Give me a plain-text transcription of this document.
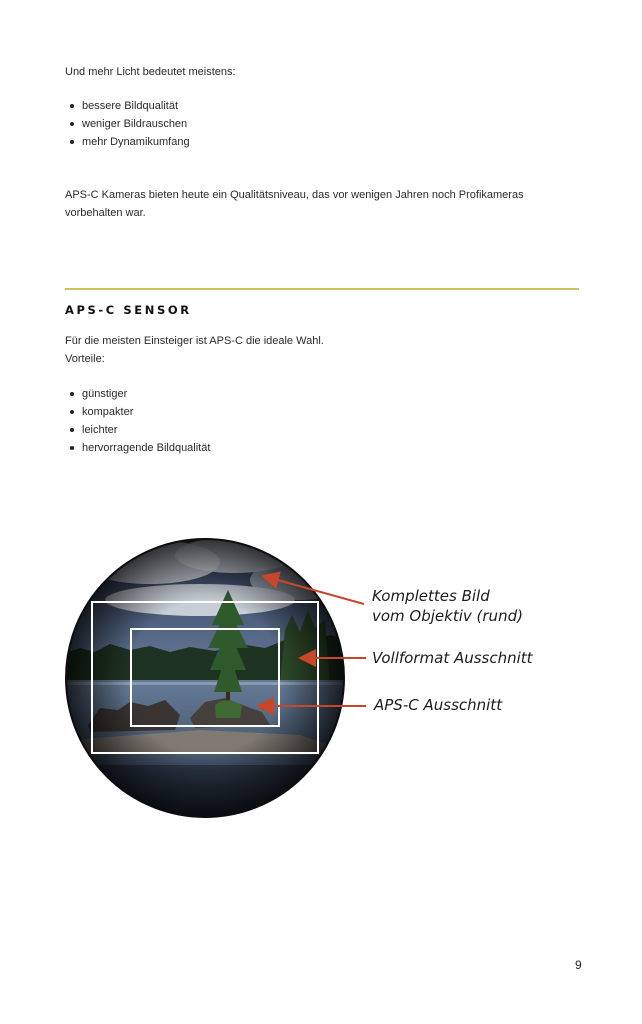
Und mehr Licht bedeutet meistens:
bessere Bildqualität
weniger Bildrauschen
mehr Dynamikumfang
APS-C Kameras bieten heute ein Qualitätsniveau, das vor wenigen Jahren noch Profikameras vorbehalten war.
APS-C SENSOR
Für die meisten Einsteiger ist APS-C die ideale Wahl.
Vorteile:
günstiger
kompakter
leichter
hervorragende Bildqualität
Komplettes Bild
vom Objektiv (rund)
Vollformat Ausschnitt
APS-C Ausschnitt
9
